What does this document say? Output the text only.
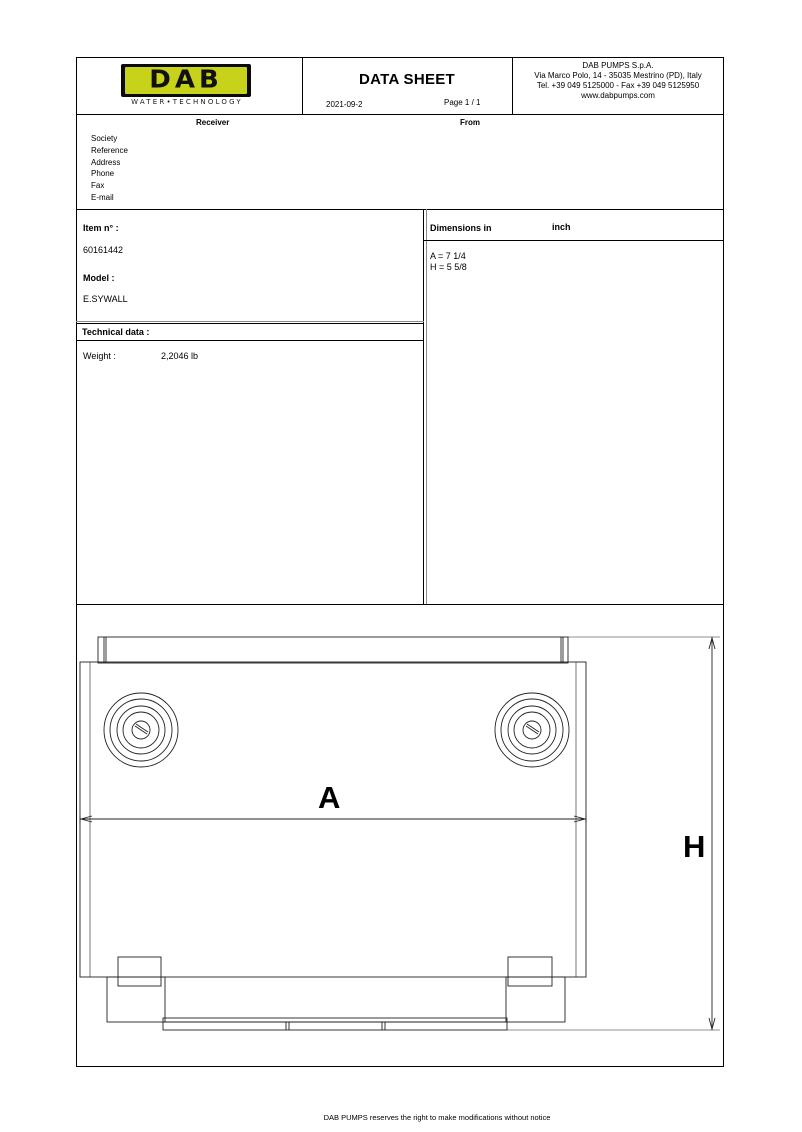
DAB
WATER•TECHNOLOGY
DATA SHEET
2021-09-2	Page 1 / 1
DAB PUMPS S.p.A.
Via Marco Polo, 14 - 35035 Mestrino (PD), Italy
Tel. +39 049 5125000 - Fax +39 049 5125950
www.dabpumps.com
Receiver	From
Society
Reference
Address
Phone
Fax
E-mail
Item n° :
60161442
Model :
E.SYWALL
Technical data :
Weight :	2,2046 lb
Dimensions in	inch
A = 7 1/4
H = 5 5/8
A
H
DAB PUMPS reserves the right to make modifications without notice
